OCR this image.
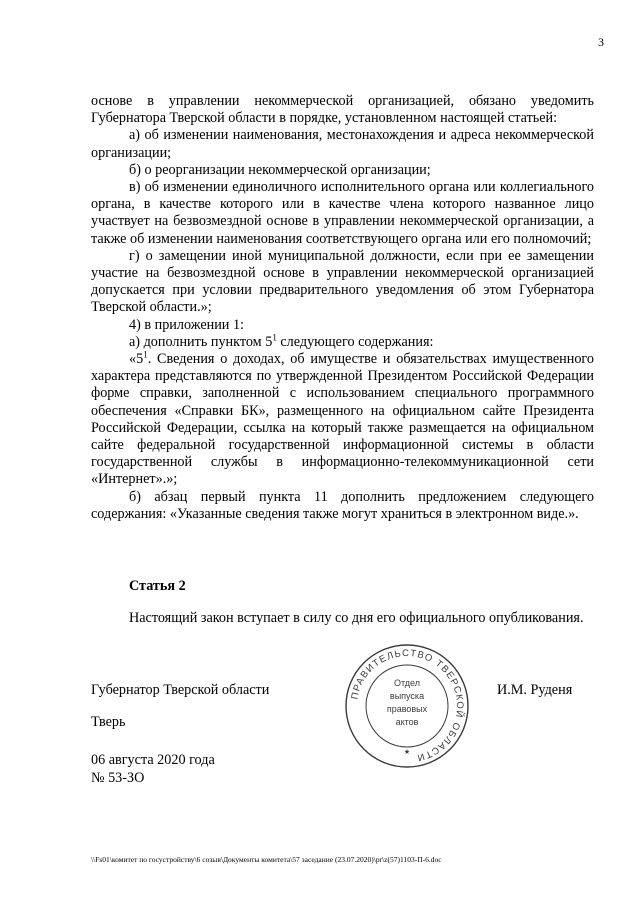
3

основе в управлении некоммерческой организацией, обязано уведомить

Губернатора Тверской области в порядке, установленном настоящей статьей:

а) об изменении наименования, местонахождения и адреса некоммерческой организации;

б) о реорганизации некоммерческой организации;

в) об изменении единоличного исполнительного органа или коллегиального органа, в качестве которого или в качестве члена которого названное лицо участвует на безвозмездной основе в управлении некоммерческой организации, а также об изменении наименования соответствующего органа или его полномочий;

г) о замещении иной муниципальной должности, если при ее замещении участие на безвозмездной основе в управлении некоммерческой организацией допускается при условии предварительного уведомления об этом Губернатора Тверской области.»;

4) в приложении 1:

а) дополнить пунктом $5^1$ следующего содержания:

«$5^1$. Сведения о доходах, об имуществе и обязательствах имущественного характера представляются по утвержденной Президентом Российской Федерации форме справки, заполненной с использованием специального программного обеспечения «Справки БК», размещенного на официальном сайте Президента Российской Федерации, ссылка на который также размещается на официальном сайте федеральной государственной информационной системы в области государственной службы в информационно-телекоммуникационной сети «Интернет».»;

б) абзац первый пункта 11 дополнить предложением следующего содержания: «Указанные сведения также могут храниться в электронном виде.».

Статья 2

Настоящий закон вступает в силу со дня его официального опубликования.

Губернатор Тверской области	И.М. Руденя
Тверь
06 августа 2020 года
№ 53-ЗО
ПРАВИТЕЛЬСТВО ТВЕРСКОЙ ОБЛАСТИ
Отдел
выпуска
правовых
актов
★
\\Fs01\комитет по госустройству\6 созыв\Документы комитета\57 заседание (23.07.2020)\pr\z(57)1103-П-6.doc
